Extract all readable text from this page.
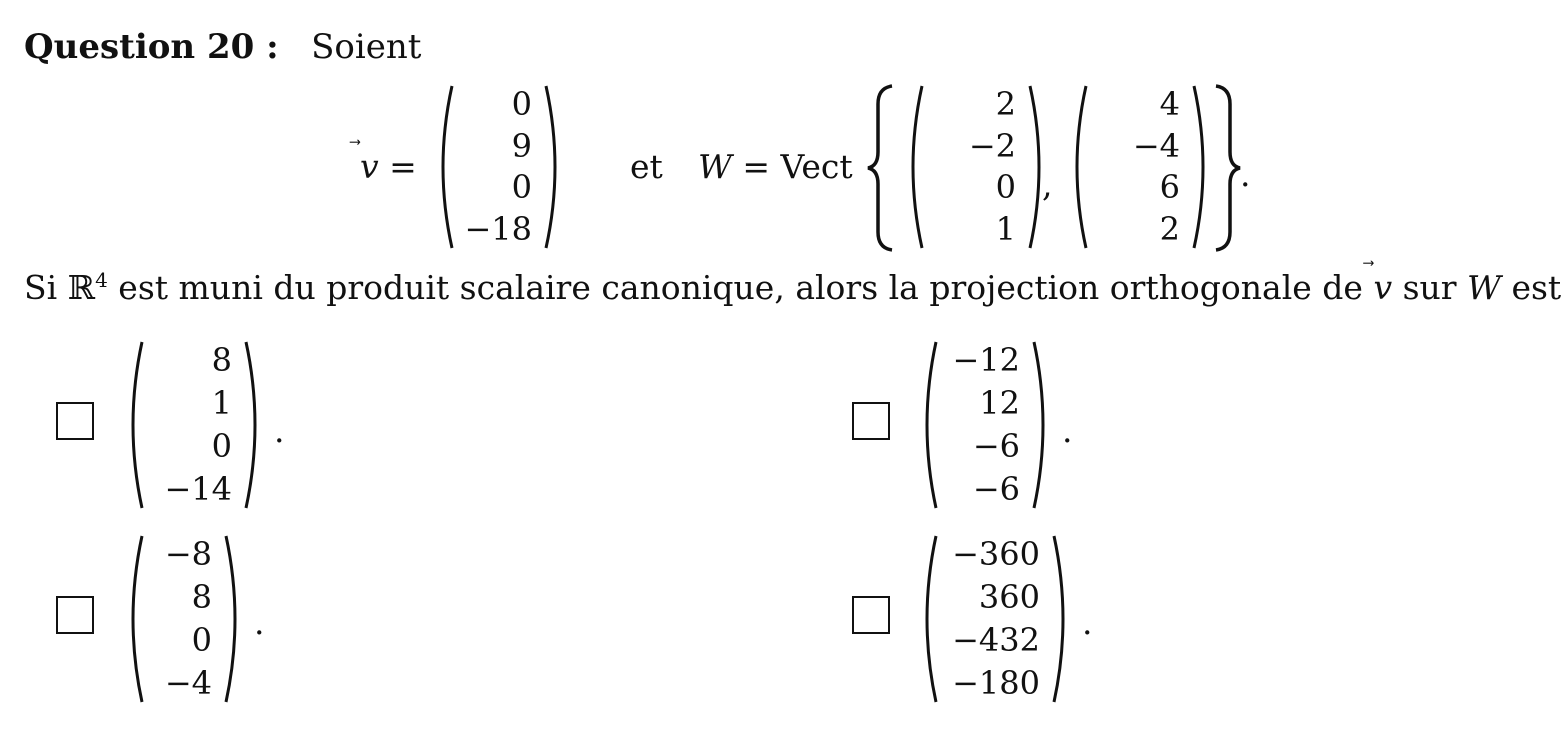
Question 20 : Soient
v =
0
9
0
−18
et W = Vect
2
−2
0
1
,
4
−4
6
2
.
Si ℝ$^4$ est muni du produit scalaire canonique, alors la projection orthogonale de v
sur W est
8
1
0
−14
.
−12
12
−6
−6
.
−8
8
0
−4
.
−360
360
−432
−180
.
